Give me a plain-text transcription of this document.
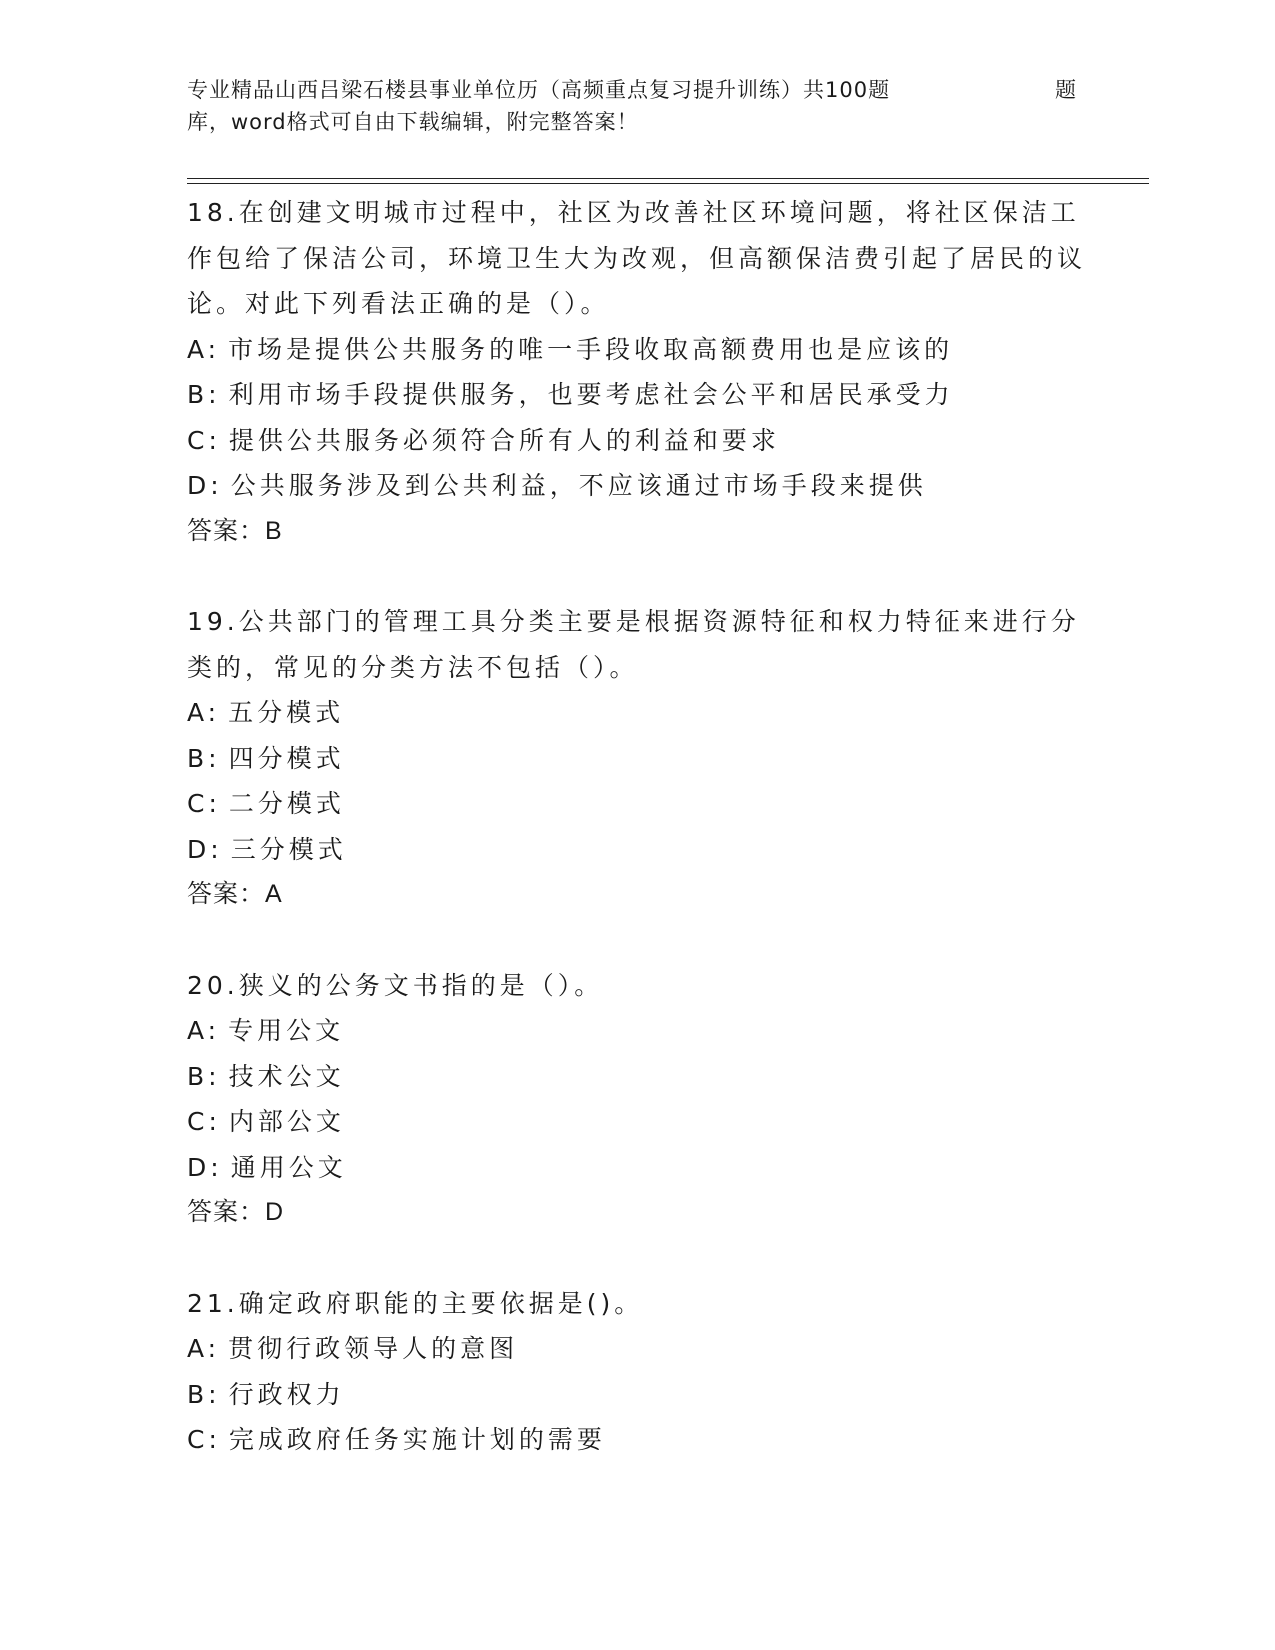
专业精品山西吕梁石楼县事业单位历（高频重点复习提升训练）共100题	题
库，word格式可自由下载编辑，附完整答案！
18.在创建文明城市过程中，社区为改善社区环境问题，将社区保洁工作包给了保洁公司，环境卫生大为改观，但高额保洁费引起了居民的议论。对此下列看法正确的是（）。
A: 市场是提供公共服务的唯一手段收取高额费用也是应该的
B: 利用市场手段提供服务，也要考虑社会公平和居民承受力
C: 提供公共服务必须符合所有人的利益和要求
D: 公共服务涉及到公共利益，不应该通过市场手段来提供
答案：B
19.公共部门的管理工具分类主要是根据资源特征和权力特征来进行分类的，常见的分类方法不包括（）。
A: 五分模式
B: 四分模式
C: 二分模式
D: 三分模式
答案：A
20.狭义的公务文书指的是（）。
A: 专用公文
B: 技术公文
C: 内部公文
D: 通用公文
答案：D
21.确定政府职能的主要依据是()。
A: 贯彻行政领导人的意图
B: 行政权力
C: 完成政府任务实施计划的需要
